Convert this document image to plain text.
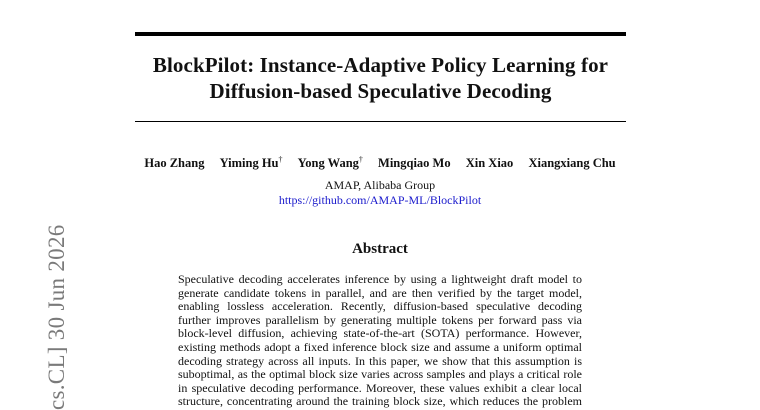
cs.CL] 30 Jun 2026
BlockPilot: Instance-Adaptive Policy Learning for
Diffusion-based Speculative Decoding

Hao Zhang Yiming Hu† Yong Wang† Mingqiao Mo Xin Xiao Xiangxiang Chu

AMAP, Alibaba Group

https://github.com/AMAP-ML/BlockPilot

Abstract

Speculative decoding accelerates inference by using a lightweight draft model to
generate candidate tokens in parallel, and are then verified by the target model,
enabling lossless acceleration. Recently, diffusion-based speculative decoding
further improves parallelism by generating multiple tokens per forward pass via
block-level diffusion, achieving state-of-the-art (SOTA) performance. However,
existing methods adopt a fixed inference block size and assume a uniform optimal
decoding strategy across all inputs. In this paper, we show that this assumption is
suboptimal, as the optimal block size varies across samples and plays a critical role
in speculative decoding performance. Moreover, these values exhibit a clear local
structure, concentrating around the training block size, which reduces the problem
